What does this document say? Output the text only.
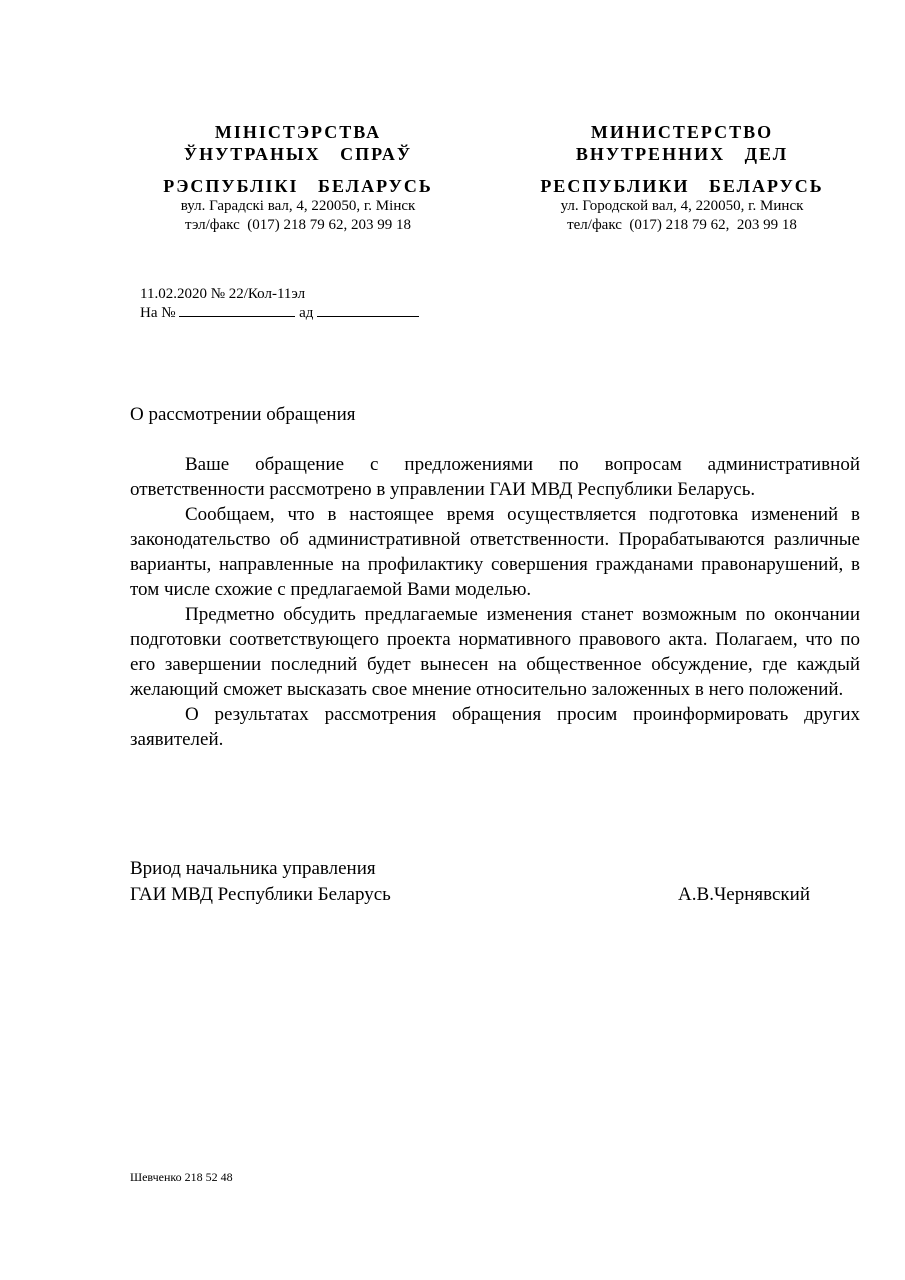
МІНІСТЭРСТВА
ЎНУТРАНЫХ   СПРАЎ
РЭСПУБЛІКІ   БЕЛАРУСЬ
вул. Гарадскі вал, 4, 220050, г. Мінск
тэл/факс  (017) 218 79 62, 203 99 18
МИНИСТЕРСТВО
ВНУТРЕННИХ   ДЕЛ
РЕСПУБЛИКИ   БЕЛАРУСЬ
ул. Городской вал, 4, 220050, г. Минск
тел/факс  (017) 218 79 62,  203 99 18
11.02.2020 № 22/Кол-11эл
На №	ад
О рассмотрении обращения

Ваше обращение с предложениями по вопросам административной ответственности рассмотрено в управлении ГАИ МВД Республики Беларусь.

Сообщаем, что в настоящее время осуществляется подготовка изменений в законодательство об административной ответственности. Прорабатываются различные варианты, направленные на профилактику совершения гражданами правонарушений, в том числе схожие с предлагаемой Вами моделью.

Предметно обсудить предлагаемые изменения станет возможным по окончании подготовки соответствующего проекта нормативного правового акта. Полагаем, что по его завершении последний будет вынесен на общественное обсуждение, где каждый желающий сможет высказать свое мнение относительно заложенных в него положений.

О результатах рассмотрения обращения просим проинформировать других заявителей.

Вриод начальника управления
ГАИ МВД Республики Беларусь	А.В.Чернявский
Шевченко 218 52 48
